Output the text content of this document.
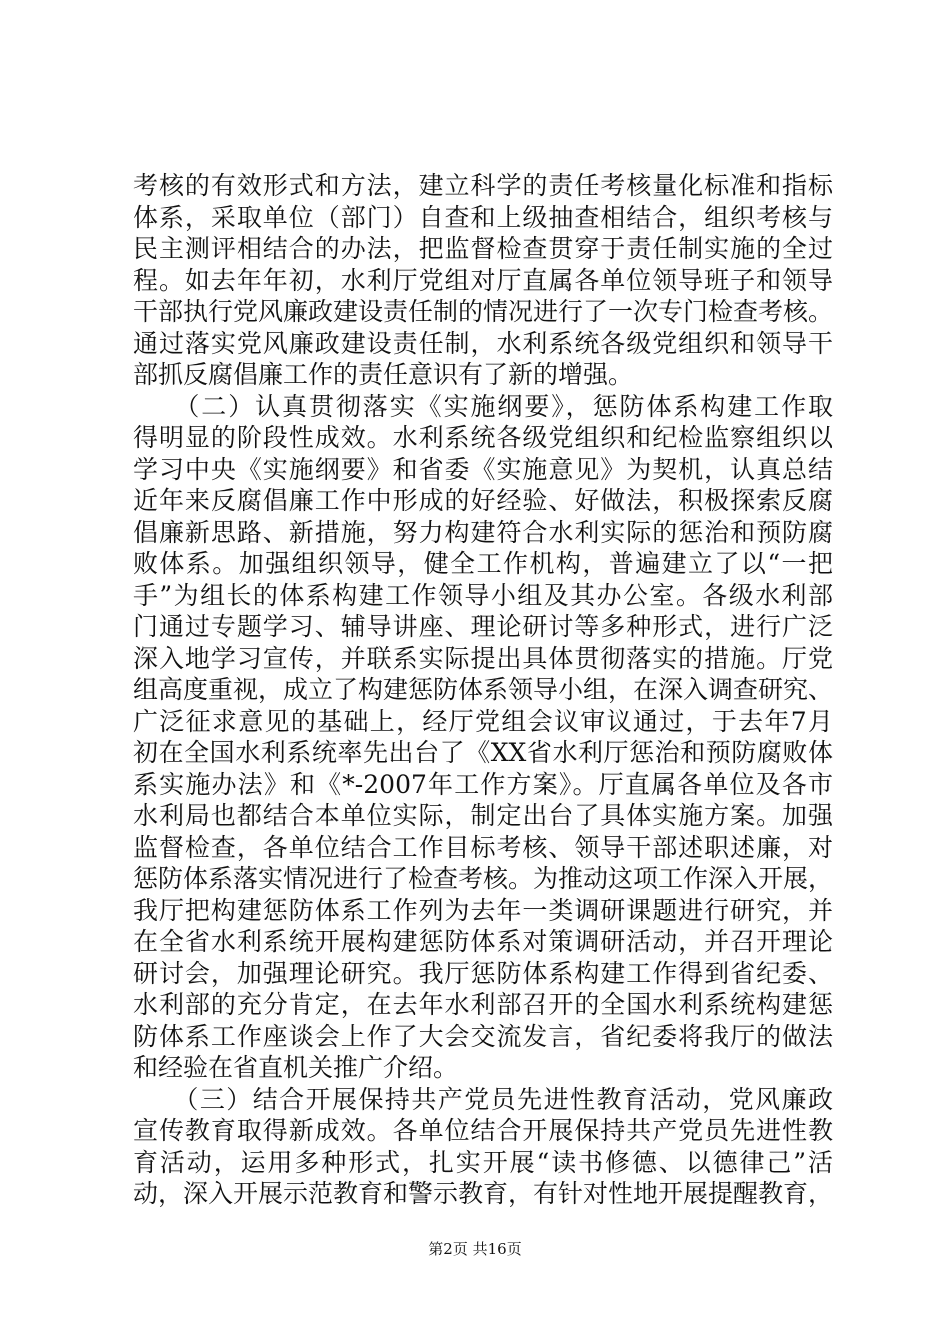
考核的有效形式和方法，建立科学的责任考核量化标准和指标
体系，采取单位（部门）自查和上级抽查相结合，组织考核与
民主测评相结合的办法，把监督检查贯穿于责任制实施的全过
程。如去年年初，水利厅党组对厅直属各单位领导班子和领导
干部执行党风廉政建设责任制的情况进行了一次专门检查考核。
通过落实党风廉政建设责任制，水利系统各级党组织和领导干
部抓反腐倡廉工作的责任意识有了新的增强。
　　（二）认真贯彻落实《实施纲要》，惩防体系构建工作取
得明显的阶段性成效。水利系统各级党组织和纪检监察组织以
学习中央《实施纲要》和省委《实施意见》为契机，认真总结
近年来反腐倡廉工作中形成的好经验、好做法，积极探索反腐
倡廉新思路、新措施，努力构建符合水利实际的惩治和预防腐
败体系。加强组织领导，健全工作机构，普遍建立了以“一把
手”为组长的体系构建工作领导小组及其办公室。各级水利部
门通过专题学习、辅导讲座、理论研讨等多种形式，进行广泛
深入地学习宣传，并联系实际提出具体贯彻落实的措施。厅党
组高度重视，成立了构建惩防体系领导小组，在深入调查研究、
广泛征求意见的基础上，经厅党组会议审议通过，于去年7月
初在全国水利系统率先出台了《XX省水利厅惩治和预防腐败体
系实施办法》和《*-2007年工作方案》。厅直属各单位及各市
水利局也都结合本单位实际，制定出台了具体实施方案。加强
监督检查，各单位结合工作目标考核、领导干部述职述廉，对
惩防体系落实情况进行了检查考核。为推动这项工作深入开展，
我厅把构建惩防体系工作列为去年一类调研课题进行研究，并
在全省水利系统开展构建惩防体系对策调研活动，并召开理论
研讨会，加强理论研究。我厅惩防体系构建工作得到省纪委、
水利部的充分肯定，在去年水利部召开的全国水利系统构建惩
防体系工作座谈会上作了大会交流发言，省纪委将我厅的做法
和经验在省直机关推广介绍。
　　（三）结合开展保持共产党员先进性教育活动，党风廉政
宣传教育取得新成效。各单位结合开展保持共产党员先进性教
育活动，运用多种形式，扎实开展“读书修德、以德律己”活
动，深入开展示范教育和警示教育，有针对性地开展提醒教育，
第2页 共16页
